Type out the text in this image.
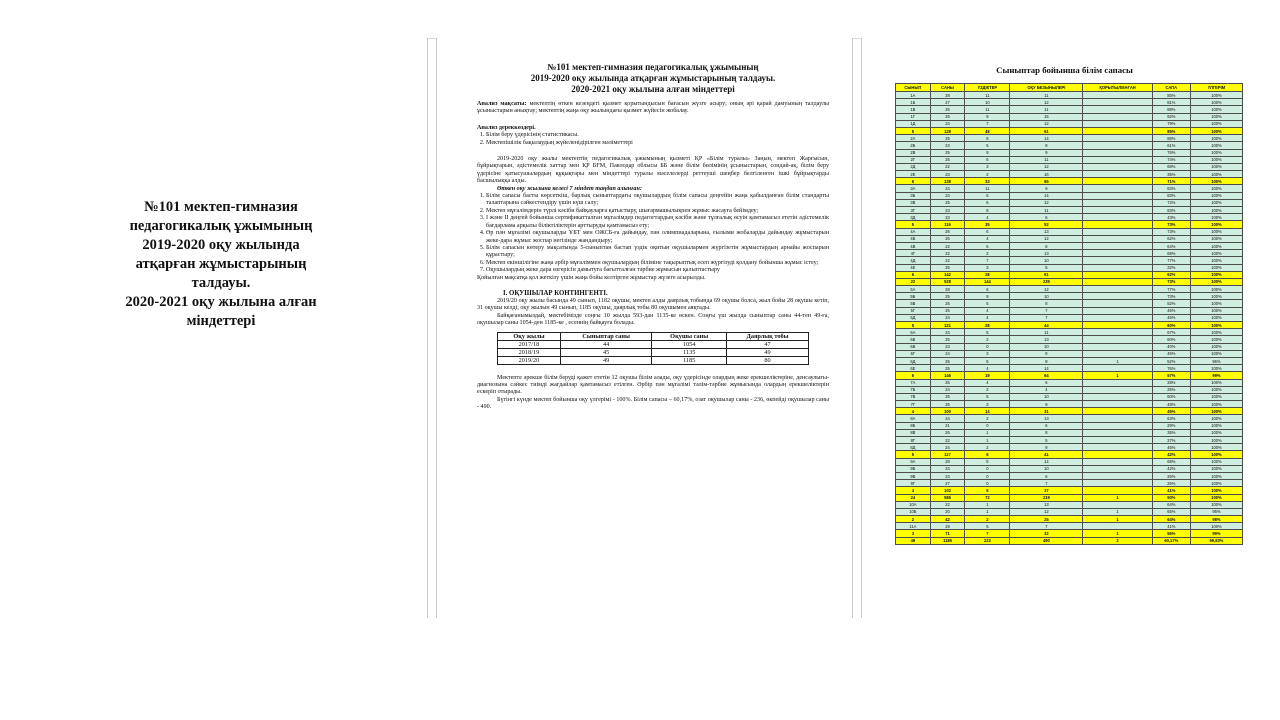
№101 мектеп-гимназия
педагогикалық ұжымының
2019-2020 оқу жылында
атқарған жұмыстарының
талдауы.
2020-2021 оқу жылына алған
міндеттері
№101 мектеп-гимназия педагогикалық ұжымының
2019-2020 оқу жылында атқарған жұмыстарының талдауы.
2020-2021 оқу жылына алған міндеттері
Анализ мақсаты: мектептің өткен кезеңдегі қызмет қорытындысын бағасын жүзге асыру; оның әрі қарай дамуының талдаулы ұсыныстарын анықтау; мектептің жаңа оқу жылындағы қызмет жүйесін жобалау.
Анализ дереккөздері.
1. Білім беру үдерісінің статистикасы.
2. Мектепішілік бақылаудың жүйеленідірілген мәліметтері
2019-2020 оқу жылы мектептің педагогикалық ұжымының қызметі ҚР «Білім туралы» Заңын, мектеп Жарғысын, бұйрықтарын, әдістемелік хаттар мен ҚР БҒМ, Павлодар облысы ББ және білім бөлімінің ұсыныстарын, сондай-ақ, білім беру үдерісіне қатысушылардың құқықтары мен міндеттері туралы мәселелерді реттеуші шеңбер белгіленген ішкі бұйрықтарды басшылыққа алды.
Өткен оқу жылына келесі 7 міндет таңдап алынған:
1. Білім сапасы басты көрсеткіш, барлық сыныптардағы оқушылардың білім сапасы деңгейін жаңа қабылданған білім стандарты талаптарына сәйкестендіру үшін күш салу;
2. Мектеп мұғалімдерін түрлі кәсіби байқауларға қатыстыру, шығармашылықпен жұмыс жасауға бейімдеу;
3. I және II деңгей бойынша сертификатталған мұғалімдер педагогтардың кәсіби және тұлғалық өсуін қамтамасыз ететін әдістемелік бағдарлама арқылы біліктіліктерін арттыруды қамтамасыз ету;
4. Өр пән мұғалімі оқушыларды ҰБТ мен ОЖСБ-ға дайындау, пән олимпиадаларына, ғылыми жобаларды дайындау жұмыстарын жеке-дара жұмыс жоспар негізінде жандандыру;
5. Білім сапасын көтеру мақсатында 5-сыныптан бастап үздік оқитын оқушылармен жүргізетін жұмыстардың арнайы жоспарын құрастыру;
6. Мектеп екіншілігіне жаңа әрбір мұғаліммен оқушылардың біліміне тақырыптық есеп жүргізуді қолдану бойынша жұмыс істеу;
7. Оқушылардың жеке дара өзгерісін дамытуға бағытталған тәрбие жұмысын қалыптастыру
Қойылған мақсатқа қол жеткізу үшін жаңа бойы келтірген жұмыстар жүзеге асырылды.
I. ОҚУШЫЛАР КОНТИНГЕНТІ.
2019/20 оқу жылы басында 49 сынып, 1182 оқушы, мектеп алды даярлық тобында 69 оқушы болса, жыл бойы 28 оқушы кетіп, 31 оқушы келді, оқу жылын 49 сынып, 1185 оқушы, даярлық тобы 80 оқушымен аяқтады.
Байқағанымыздай, мектебімізде соңғы 10 жылда 593-дан 1135-ке өскен. Соңғы үш жылда сыныптар саны 44-тен 49-ға, оқушылар саны 1054-ден 1185-ке , есеннің байқауға болады.
Оқу жылы	Сыныптар саны	Оқушы саны	Даярлық тобы
2017/18	44	1054	47
2018/19	45	1135	49
2019/20	49	1185	80
Мектепте әрекше білім беруді қажет ететін 12 оқушы білім алады, оқу үдерісінде олардың жеке ерекшеліктеріне, денсаулығы-диагнозына сәйкес тиімді жағдайлар қамтамасыз етілген. Әрбір пән мұғалімі тәлім-тәрбие жұмысында олардың ерекшеліктерін ескеріп отырады.
Бүгінгі күнде мектеп бойынша оқу үлгерімі - 100%. Білім сапасы – 60,17%, озат оқушылар саны - 236, өкпейді оқушылар саны - 490.
Сыныптар бойынша білім сапасы
СЫНЫП	САНЫ	ҮЗДІКТЕР	ОҚУ БЕЗЫНЫЛЕРІ	ҚОРЫТЫЛМАҒАН	САПА	ҮЛГЕРІМ
1А	28	11	11		85%	100%
1Б	27	10	12		81%	100%
1В	25	11	11		88%	100%
1Г	26	9	15		92%	100%
1Д	24	7	12		79%	100%
5	128	48	61		85%	100%
2А	25	8	14		88%	100%
2Б	23	5	9		61%	100%
2В	25	9	9		76%	100%
2Г	25	6	11		74%	100%
2Д	22	3	12		68%	100%
2Е	23	2	16		35%	100%
6	138	33	65		71%	100%
3А	24	11	9		83%	100%
3Б	24	6	14		83%	100%
3В	25	6	12		72%	100%
3Г	23	8	11		83%	100%
3Д	23	4	6		43%	100%
5	119	35	52		73%	100%
4А	26	6	13		73%	100%
4Б	26	4	12		62%	100%
4В	22	6	8		64%	100%
4Г	22	2	13		68%	100%
4Д	22	7	10		77%	100%
4Е	25	3	5		32%	100%
6	142	28	61		62%	100%
22	528	144	239		73%	100%
5А	28	6	12		77%	100%
5Б	25	9	10		73%	100%
5В	25	5	8		52%	100%
5Г	25	4	7		46%	100%
5Д	24	4	7		46%	100%
5	121	28	44		60%	100%
6А	24	5	11		67%	100%
6Б	25	2	13		60%	100%
6В	23	0	10		40%	100%
6Г	24	3	8		46%	100%
6Д	25	5	8	1	52%	96%
6Е	25	4	14		76%	100%
6	146	19	64	1	57%	99%
7А	26	4	6		28%	100%
7Б	24	2	4		25%	100%
7В	25	5	10		60%	100%
7Г	25	3	9		48%	100%
4	100	14	31		45%	100%
8А	24	2	13		63%	100%
8Б	21	0	6		29%	100%
8В	26	1	8		35%	100%
8Г	22	1	5		27%	100%
8Д	24	2	9		46%	100%
5	117	6	41		42%	100%
9А	28	5	14		68%	100%
9Б	24	0	10		42%	100%
9В	23	0	6		26%	100%
9Г	27	0	7		26%	100%
4	102	5	37		41%	100%
24	586	72	219	1	50%	100%
10А	22	1	13		64%	100%
10Б	20	1	12	1	65%	95%
2	42	2	25	1	64%	98%
11А	29	5	7		41%	100%
3	71	7	32	1	55%	99%
49	1185	223	490	2	60,17%	99,83%
